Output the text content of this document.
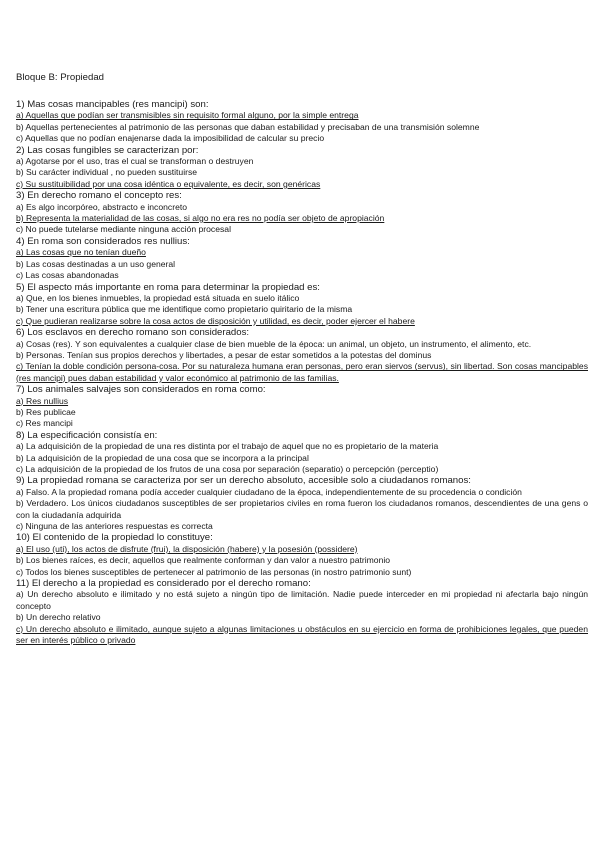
Bloque B: Propiedad
1) Mas cosas mancipables (res mancipi) son:
a) Aquellas que podían ser transmisibles sin requisito formal alguno, por la simple entrega
b) Aquellas pertenecientes al patrimonio de las personas que daban estabilidad y precisaban de una transmisión solemne
c) Aquellas que no podían enajenarse dada la imposibilidad de calcular su precio
2) Las cosas fungibles se caracterizan por:
a) Agotarse por el uso, tras el cual se transforman o destruyen
b) Su carácter individual , no pueden sustituirse
c) Su sustituibilidad por una cosa idéntica o equivalente, es decir, son genéricas
3) En derecho romano el concepto res:
a) Es algo incorpóreo, abstracto e inconcreto
b) Representa la materialidad de las cosas, si algo no era res no podía ser objeto de apropiación
c) No puede tutelarse mediante ninguna acción procesal
4) En roma son considerados res nullius:
a) Las cosas que no tenían dueño
b) Las cosas destinadas a un uso general
c) Las cosas abandonadas
5) El aspecto más importante en roma para determinar la propiedad es:
a) Que, en los bienes inmuebles, la propiedad está situada en suelo itálico
b) Tener una escritura pública que me identifique como propietario quiritario de la misma
c) Que pudieran realizarse sobre la cosa actos de disposición y utilidad, es decir, poder ejercer el habere
6) Los esclavos en derecho romano son considerados:
a) Cosas (res). Y son equivalentes a cualquier clase de bien mueble de la época: un animal, un objeto, un instrumento, el alimento, etc.
b) Personas. Tenían sus propios derechos y libertades, a pesar de estar sometidos a la potestas del dominus
c) Tenían la doble condición persona-cosa. Por su naturaleza humana eran personas, pero eran siervos (servus), sin libertad. Son cosas mancipables (res mancipi) pues daban estabilidad y valor económico al patrimonio de las familias.
7) Los animales salvajes son considerados en roma como:
a) Res nullius
b) Res publicae
c) Res mancipi
8) La especificación consistía en:
a) La adquisición de la propiedad de una res distinta por el trabajo de aquel que no es propietario de la materia
b) La adquisición de la propiedad de una cosa que se incorpora a la principal
c) La adquisición de la propiedad de los frutos de una cosa por separación (separatio) o percepción (perceptio)
9) La propiedad romana se caracteriza por ser un derecho absoluto, accesible solo a ciudadanos romanos:
a) Falso. A la propiedad romana podía acceder cualquier ciudadano de la época, independientemente de su procedencia o condición
b) Verdadero. Los únicos ciudadanos susceptibles de ser propietarios civiles en roma fueron los ciudadanos romanos, descendientes de una gens o con la ciudadanía adquirida
c) Ninguna de las anteriores respuestas es correcta
10) El contenido de la propiedad lo constituye:
a) El uso (uti), los actos de disfrute (frui), la disposición (habere) y la posesión (possidere)
b) Los bienes raíces, es decir, aquellos que realmente conforman y dan valor a nuestro patrimonio
c) Todos los bienes susceptibles de pertenecer al patrimonio de las personas (in nostro patrimonio sunt)
11) El derecho a la propiedad es considerado por el derecho romano:
a) Un derecho absoluto e ilimitado y no está sujeto a ningún tipo de limitación. Nadie puede interceder en mi propiedad ni afectarla bajo ningún concepto
b) Un derecho relativo
c) Un derecho absoluto e ilimitado, aunque sujeto a algunas limitaciones u obstáculos en su ejercicio en forma de prohibiciones legales, que pueden ser en interés público o privado
